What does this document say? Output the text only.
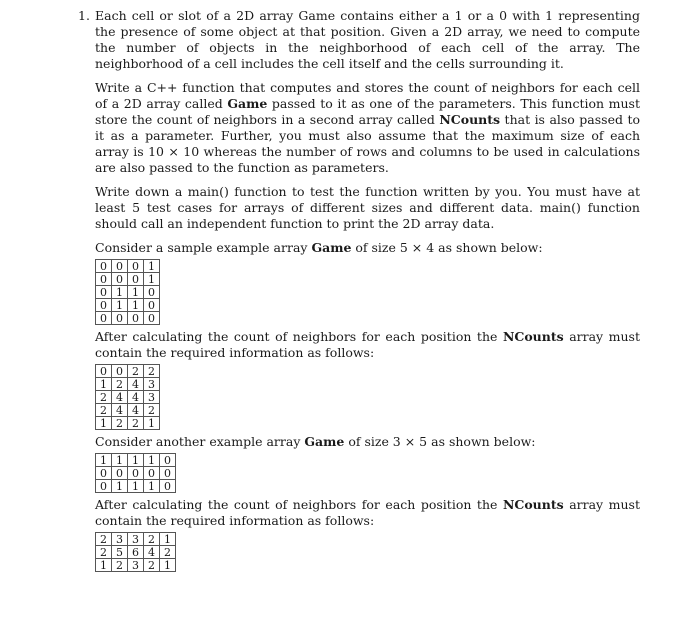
1. Each cell or slot of a 2D array Game contains either a 1 or a 0 with 1 representing the presence of some object at that position. Given a 2D array, we need to compute the number of objects in the neighborhood of each cell of the array. The neighborhood of a cell includes the cell itself and the cells surrounding it.

Write a C++ function that computes and stores the count of neighbors for each cell of a 2D array called Game passed to it as one of the parameters. This function must store the count of neighbors in a second array called NCounts that is also passed to it as a parameter. Further, you must also assume that the maximum size of each array is 10 × 10 whereas the number of rows and columns to be used in calculations are also passed to the function as parameters.

Write down a main() function to test the function written by you. You must have at least 5 test cases for arrays of different sizes and different data. main() function should call an independent function to print the 2D array data.

Consider a sample example array Game of size 5 × 4 as shown below:

0	0	0	1
0	0	0	1
0	1	1	0
0	1	1	0
0	0	0	0

After calculating the count of neighbors for each position the NCounts array must contain the required information as follows:

0	0	2	2
1	2	4	3
2	4	4	3
2	4	4	2
1	2	2	1

Consider another example array Game of size 3 × 5 as shown below:

1	1	1	1	0
0	0	0	0	0
0	1	1	1	0

After calculating the count of neighbors for each position the NCounts array must contain the required information as follows:

2	3	3	2	1
2	5	6	4	2
1	2	3	2	1
